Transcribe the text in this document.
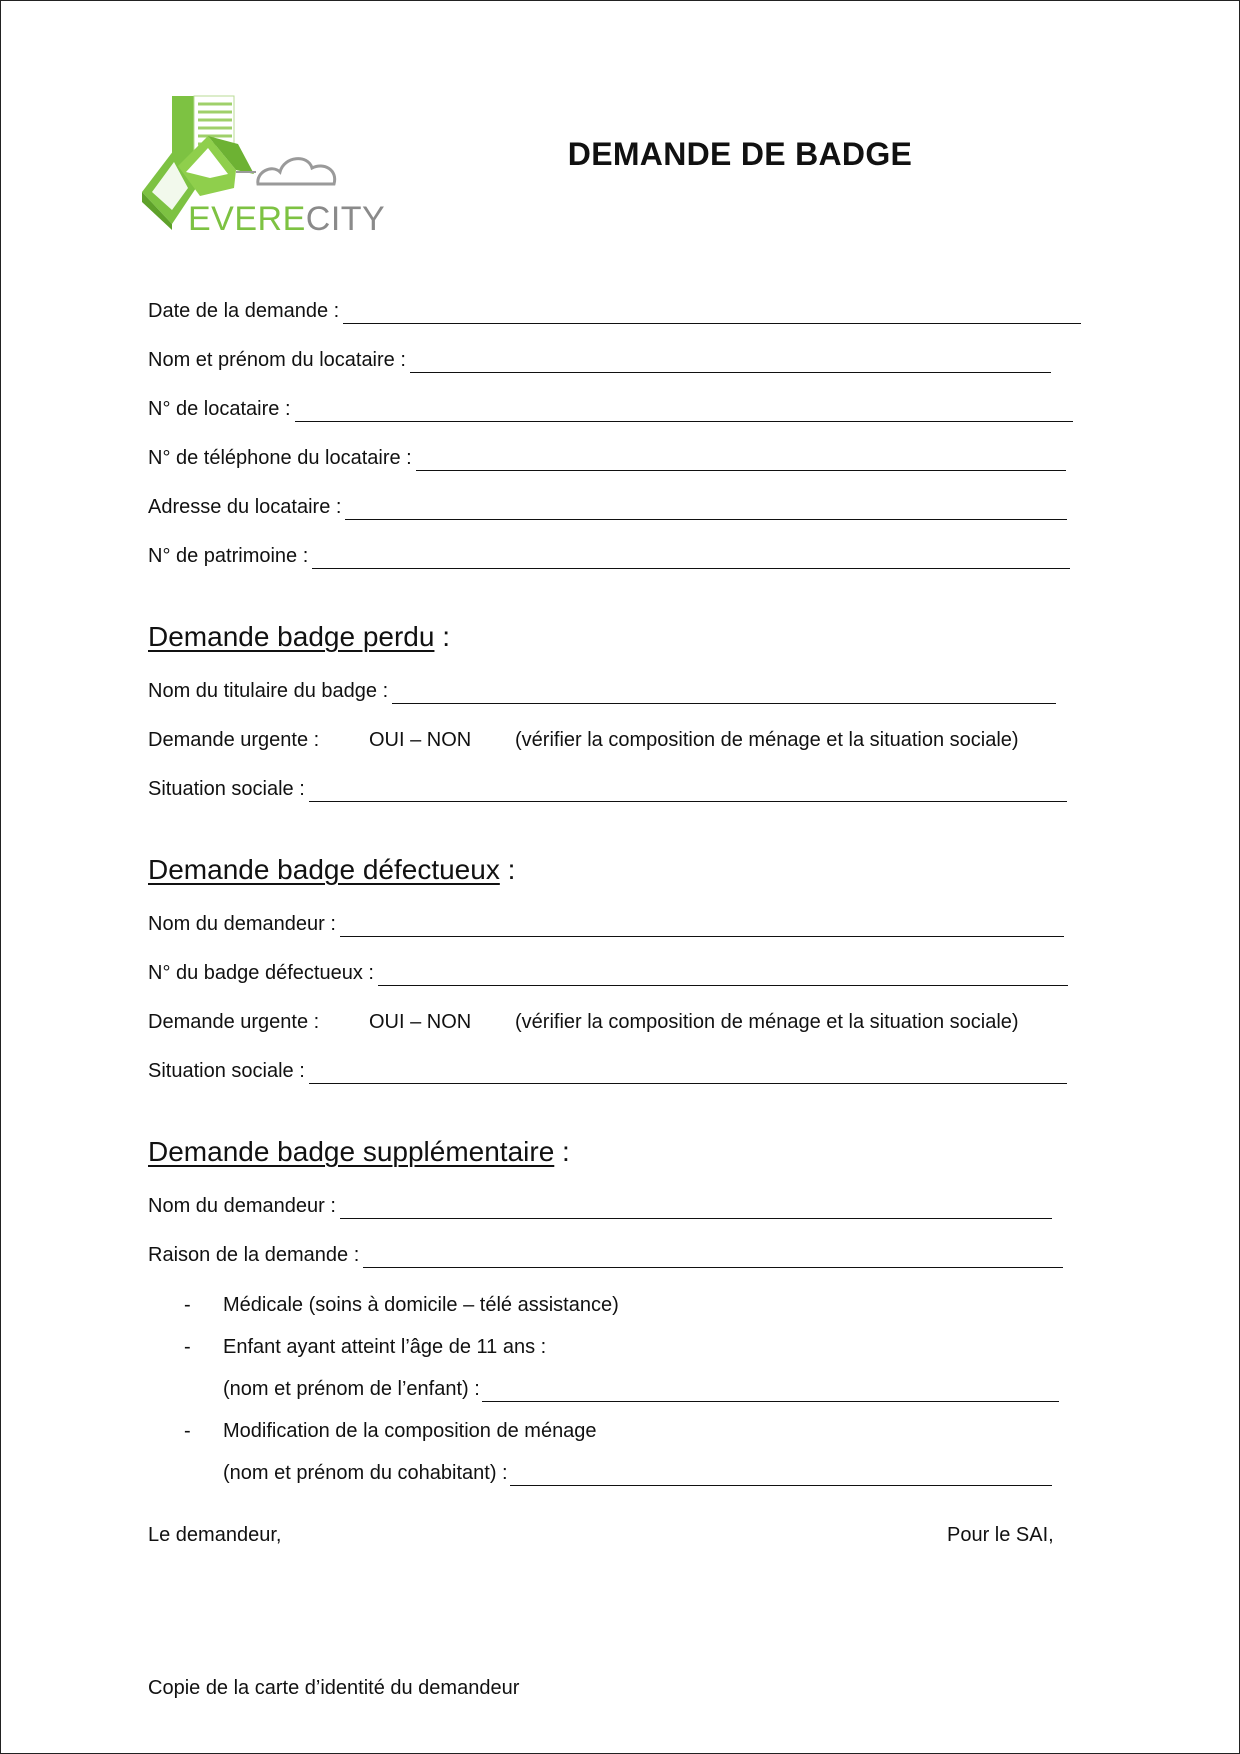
EVERECITY
DEMANDE DE BADGE
Date de la demande :
Nom et prénom du locataire :
N° de locataire :
N° de téléphone du locataire :
Adresse du locataire :
N° de patrimoine :
Demande badge perdu :
Nom du titulaire du badge :
Demande urgente : OUI – NON (vérifier la composition de ménage et la situation sociale)
Situation sociale :
Demande badge défectueux :
Nom du demandeur :
N° du badge défectueux :
Demande urgente : OUI – NON (vérifier la composition de ménage et la situation sociale)
Situation sociale :
Demande badge supplémentaire :
Nom du demandeur :
Raison de la demande :
- Médicale (soins à domicile – télé assistance)
- Enfant ayant atteint l’âge de 11 ans :
(nom et prénom de l’enfant) :
- Modification de la composition de ménage
(nom et prénom du cohabitant) :
Le demandeur,	Pour le SAI,
Copie de la carte d’identité du demandeur
